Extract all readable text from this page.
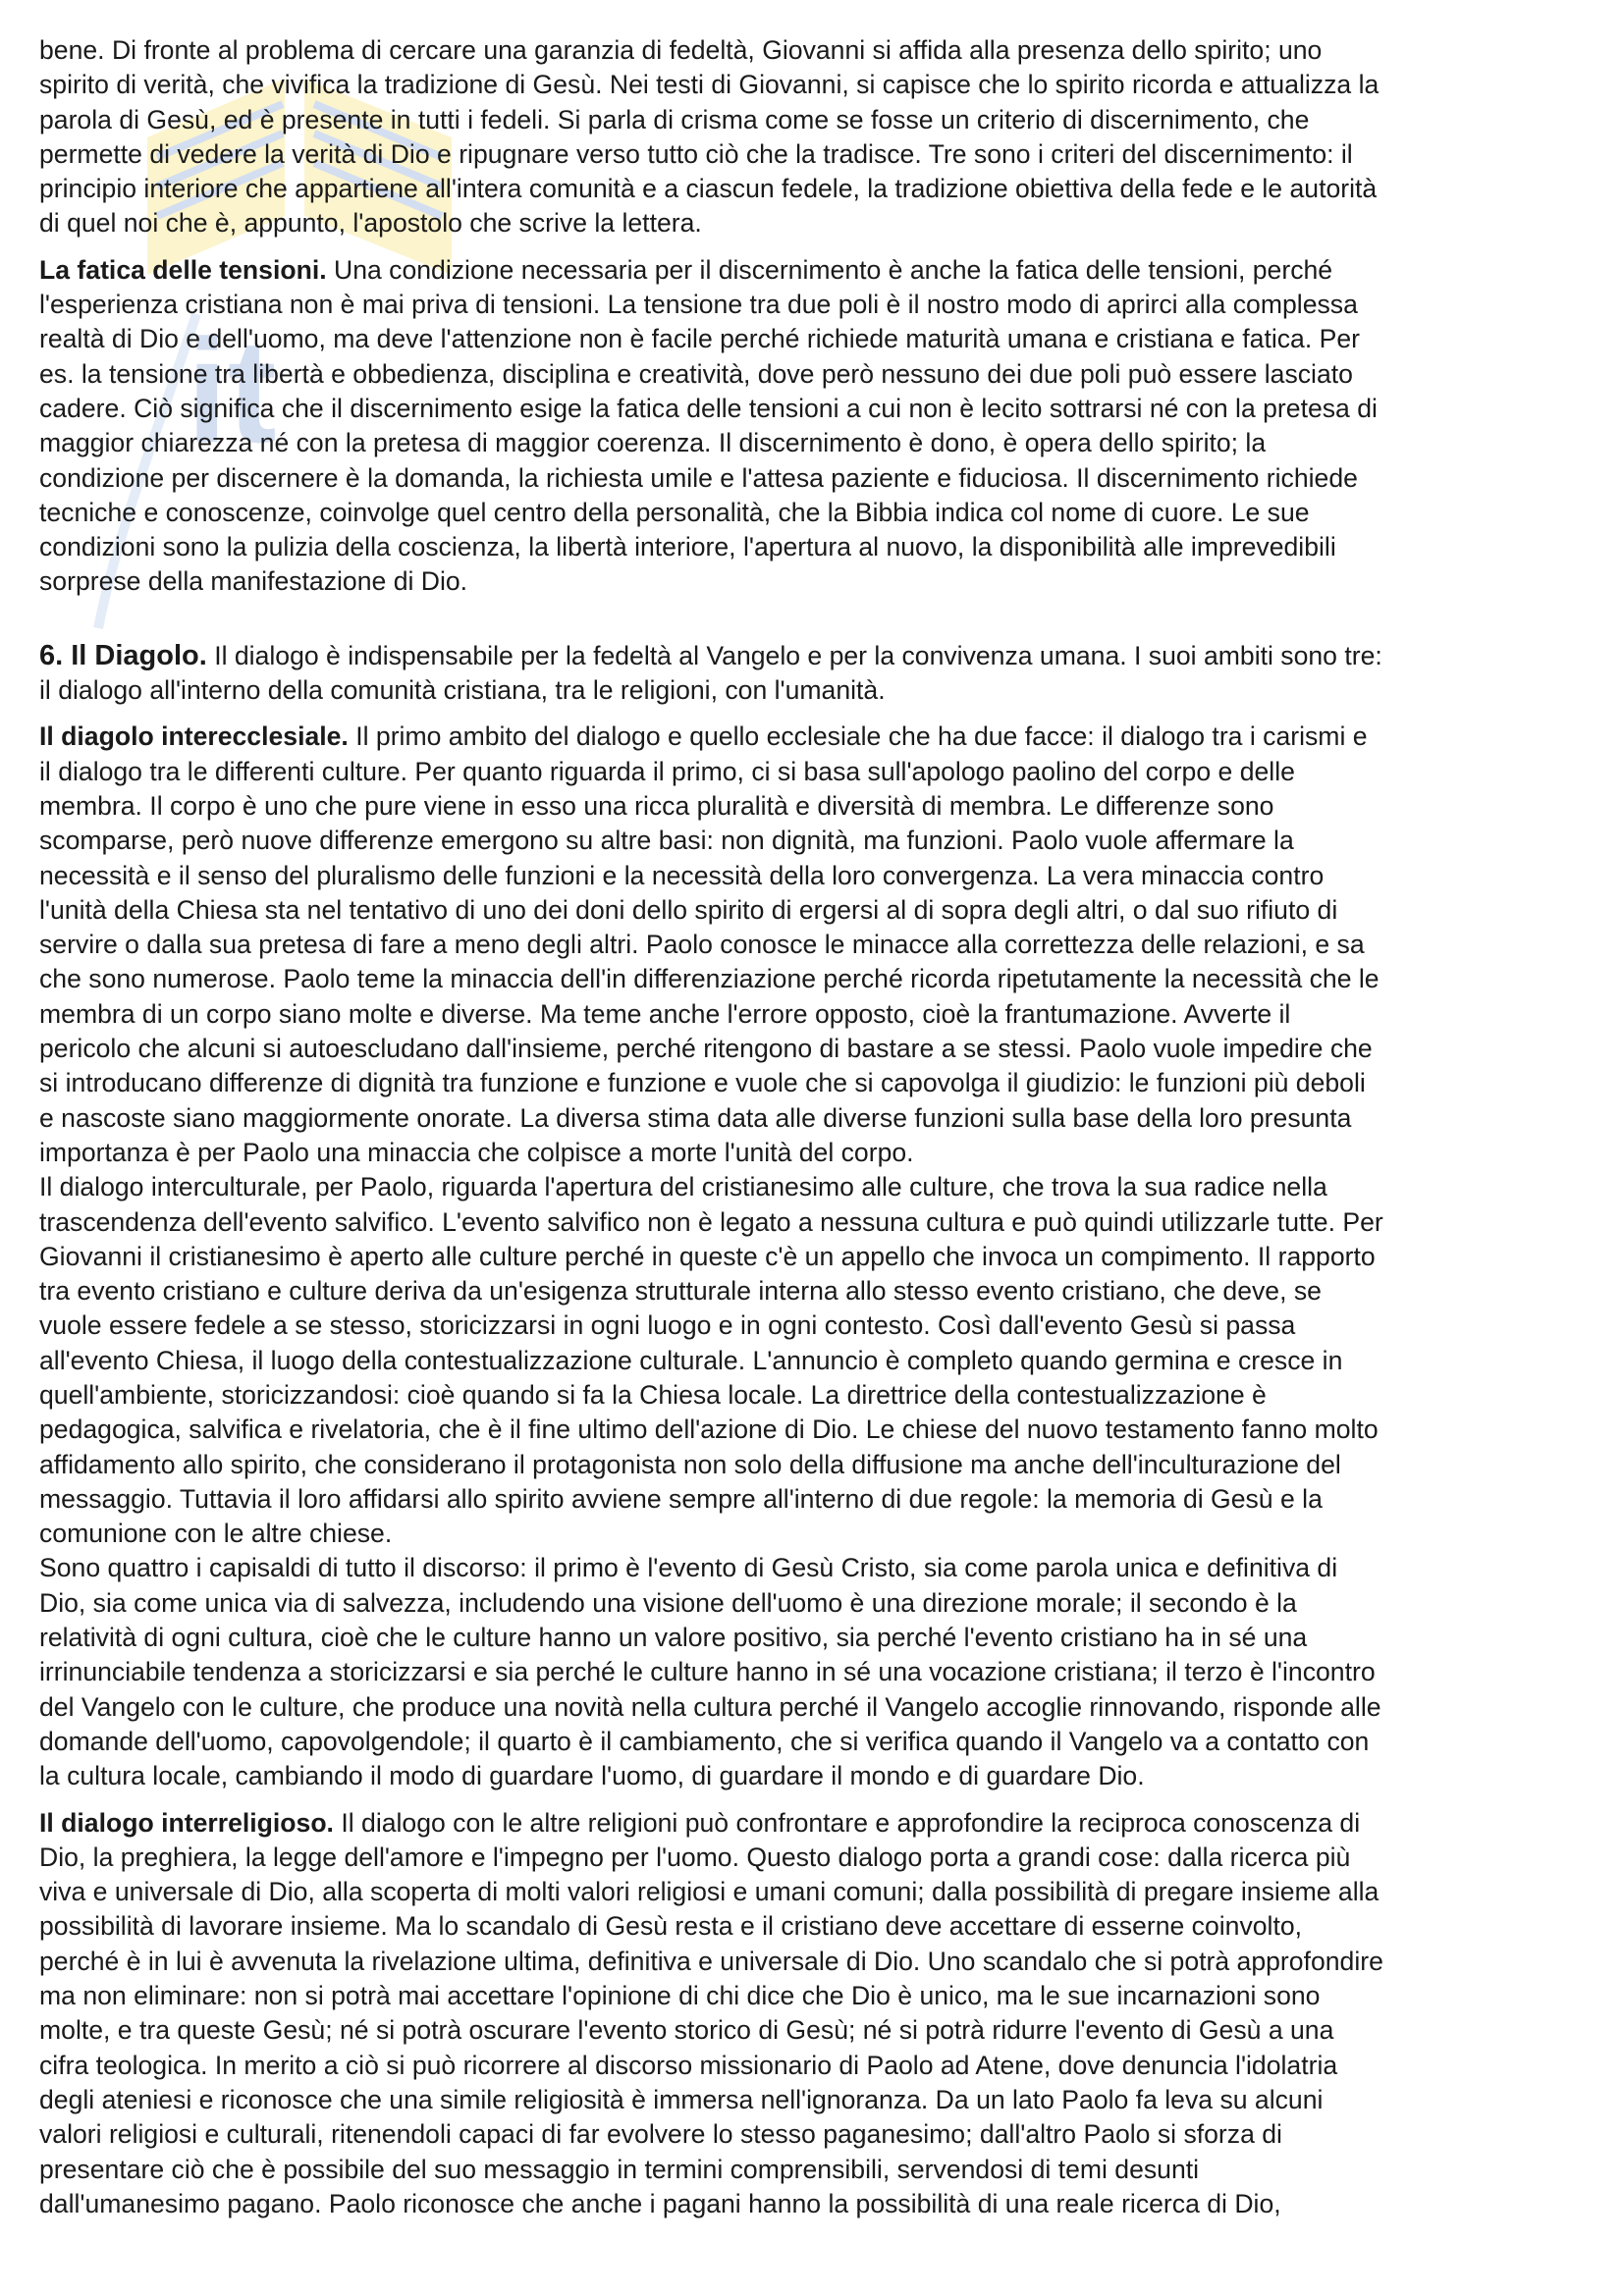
it

bene. Di fronte al problema di cercare una garanzia di fedeltà, Giovanni si affida alla presenza dello spirito; uno
spirito di verità, che vivifica la tradizione di Gesù. Nei testi di Giovanni, si capisce che lo spirito ricorda e attualizza la
parola di Gesù, ed è presente in tutti i fedeli. Si parla di crisma come se fosse un criterio di discernimento, che
permette di vedere la verità di Dio e ripugnare verso tutto ciò che la tradisce. Tre sono i criteri del discernimento: il
principio interiore che appartiene all'intera comunità e a ciascun fedele, la tradizione obiettiva della fede e le autorità
di quel noi che è, appunto, l'apostolo che scrive la lettera.

La fatica delle tensioni. Una condizione necessaria per il discernimento è anche la fatica delle tensioni, perché
l'esperienza cristiana non è mai priva di tensioni. La tensione tra due poli è il nostro modo di aprirci alla complessa
realtà di Dio e dell'uomo, ma deve l'attenzione non è facile perché richiede maturità umana e cristiana e fatica. Per
es. la tensione tra libertà e obbedienza, disciplina e creatività, dove però nessuno dei due poli può essere lasciato
cadere. Ciò significa che il discernimento esige la fatica delle tensioni a cui non è lecito sottrarsi né con la pretesa di
maggior chiarezza né con la pretesa di maggior coerenza. Il discernimento è dono, è opera dello spirito; la
condizione per discernere è la domanda, la richiesta umile e l'attesa paziente e fiduciosa. Il discernimento richiede
tecniche e conoscenze, coinvolge quel centro della personalità, che la Bibbia indica col nome di cuore. Le sue
condizioni sono la pulizia della coscienza, la libertà interiore, l'apertura al nuovo, la disponibilità alle imprevedibili
sorprese della manifestazione di Dio.

6. Il Diagolo. Il dialogo è indispensabile per la fedeltà al Vangelo e per la convivenza umana. I suoi ambiti sono tre:
il dialogo all'interno della comunità cristiana, tra le religioni, con l'umanità.

Il diagolo interecclesiale. Il primo ambito del dialogo e quello ecclesiale che ha due facce: il dialogo tra i carismi e
il dialogo tra le differenti culture. Per quanto riguarda il primo, ci si basa sull'apologo paolino del corpo e delle
membra. Il corpo è uno che pure viene in esso una ricca pluralità e diversità di membra. Le differenze sono
scomparse, però nuove differenze emergono su altre basi: non dignità, ma funzioni. Paolo vuole affermare la
necessità e il senso del pluralismo delle funzioni e la necessità della loro convergenza. La vera minaccia contro
l'unità della Chiesa sta nel tentativo di uno dei doni dello spirito di ergersi al di sopra degli altri, o dal suo rifiuto di
servire o dalla sua pretesa di fare a meno degli altri. Paolo conosce le minacce alla correttezza delle relazioni, e sa
che sono numerose. Paolo teme la minaccia dell'in differenziazione perché ricorda ripetutamente la necessità che le
membra di un corpo siano molte e diverse. Ma teme anche l'errore opposto, cioè la frantumazione. Avverte il
pericolo che alcuni si autoescludano dall'insieme, perché ritengono di bastare a se stessi. Paolo vuole impedire che
si introducano differenze di dignità tra funzione e funzione e vuole che si capovolga il giudizio: le funzioni più deboli
e nascoste siano maggiormente onorate. La diversa stima data alle diverse funzioni sulla base della loro presunta
importanza è per Paolo una minaccia che colpisce a morte l'unità del corpo.

Il dialogo interculturale, per Paolo, riguarda l'apertura del cristianesimo alle culture, che trova la sua radice nella
trascendenza dell'evento salvifico. L'evento salvifico non è legato a nessuna cultura e può quindi utilizzarle tutte. Per
Giovanni il cristianesimo è aperto alle culture perché in queste c'è un appello che invoca un compimento. Il rapporto
tra evento cristiano e culture deriva da un'esigenza strutturale interna allo stesso evento cristiano, che deve, se
vuole essere fedele a se stesso, storicizzarsi in ogni luogo e in ogni contesto. Così dall'evento Gesù si passa
all'evento Chiesa, il luogo della contestualizzazione culturale. L'annuncio è completo quando germina e cresce in
quell'ambiente, storicizzandosi: cioè quando si fa la Chiesa locale. La direttrice della contestualizzazione è
pedagogica, salvifica e rivelatoria, che è il fine ultimo dell'azione di Dio. Le chiese del nuovo testamento fanno molto
affidamento allo spirito, che considerano il protagonista non solo della diffusione ma anche dell'inculturazione del
messaggio. Tuttavia il loro affidarsi allo spirito avviene sempre all'interno di due regole: la memoria di Gesù e la
comunione con le altre chiese.

Sono quattro i capisaldi di tutto il discorso: il primo è l'evento di Gesù Cristo, sia come parola unica e definitiva di
Dio, sia come unica via di salvezza, includendo una visione dell'uomo è una direzione morale; il secondo è la
relatività di ogni cultura, cioè che le culture hanno un valore positivo, sia perché l'evento cristiano ha in sé una
irrinunciabile tendenza a storicizzarsi e sia perché le culture hanno in sé una vocazione cristiana; il terzo è l'incontro
del Vangelo con le culture, che produce una novità nella cultura perché il Vangelo accoglie rinnovando, risponde alle
domande dell'uomo, capovolgendole; il quarto è il cambiamento, che si verifica quando il Vangelo va a contatto con
la cultura locale, cambiando il modo di guardare l'uomo, di guardare il mondo e di guardare Dio.

Il dialogo interreligioso. Il dialogo con le altre religioni può confrontare e approfondire la reciproca conoscenza di
Dio, la preghiera, la legge dell'amore e l'impegno per l'uomo. Questo dialogo porta a grandi cose: dalla ricerca più
viva e universale di Dio, alla scoperta di molti valori religiosi e umani comuni; dalla possibilità di pregare insieme alla
possibilità di lavorare insieme. Ma lo scandalo di Gesù resta e il cristiano deve accettare di esserne coinvolto,
perché è in lui è avvenuta la rivelazione ultima, definitiva e universale di Dio. Uno scandalo che si potrà approfondire
ma non eliminare: non si potrà mai accettare l'opinione di chi dice che Dio è unico, ma le sue incarnazioni sono
molte, e tra queste Gesù; né si potrà oscurare l'evento storico di Gesù; né si potrà ridurre l'evento di Gesù a una
cifra teologica. In merito a ciò si può ricorrere al discorso missionario di Paolo ad Atene, dove denuncia l'idolatria
degli ateniesi e riconosce che una simile religiosità è immersa nell'ignoranza. Da un lato Paolo fa leva su alcuni
valori religiosi e culturali, ritenendoli capaci di far evolvere lo stesso paganesimo; dall'altro Paolo si sforza di
presentare ciò che è possibile del suo messaggio in termini comprensibili, servendosi di temi desunti
dall'umanesimo pagano. Paolo riconosce che anche i pagani hanno la possibilità di una reale ricerca di Dio,
